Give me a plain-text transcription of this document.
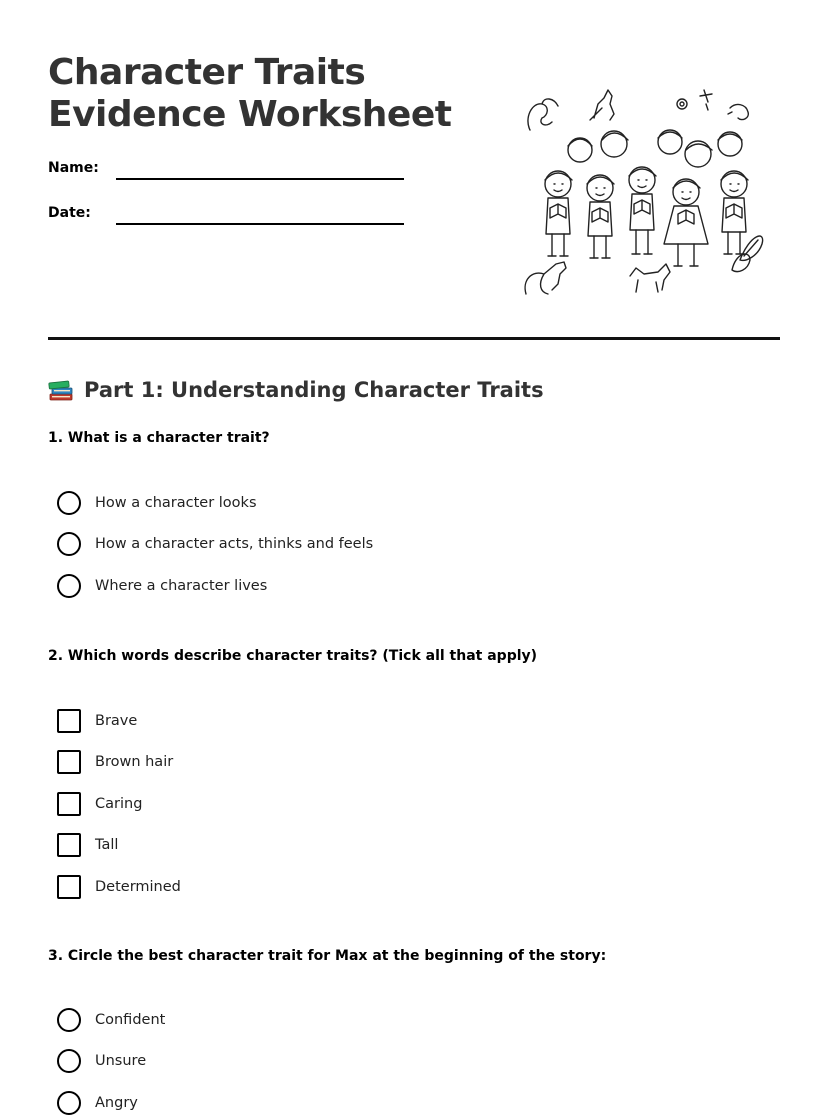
Character Traits
Evidence Worksheet
Name:
Date:
Part 1: Understanding Character Traits
1. What is a character trait?
How a character looks
How a character acts, thinks and feels
Where a character lives
2. Which words describe character traits? (Tick all that apply)
Brave
Brown hair
Caring
Tall
Determined
3. Circle the best character trait for Max at the beginning of the story:
Confident
Unsure
Angry
